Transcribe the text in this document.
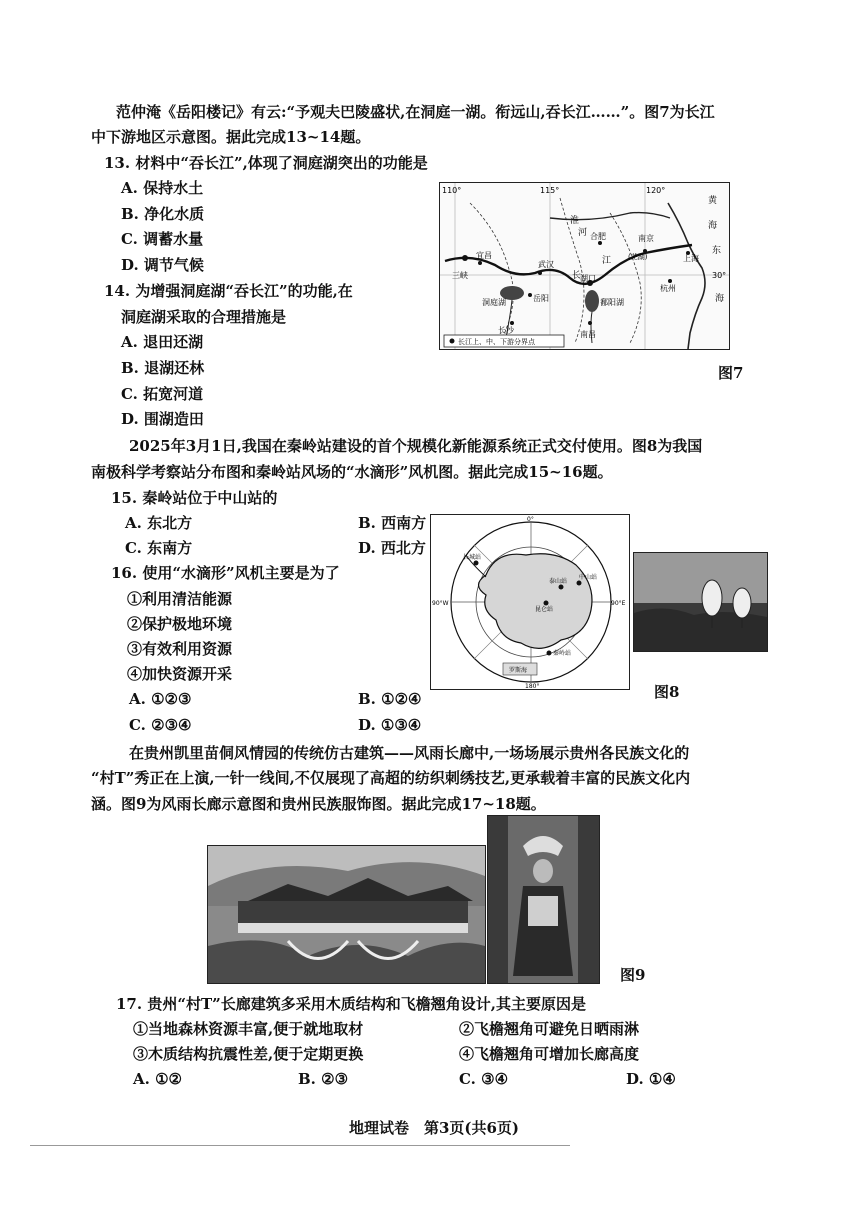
范仲淹《岳阳楼记》有云:“予观夫巴陵盛状,在洞庭一湖。衔远山,吞长江……”。图7为长江
中下游地区示意图。据此完成13~14题。
13. 材料中“吞长江”,体现了洞庭湖突出的功能是
A. 保持水土
B. 净化水质
C. 调蓄水量
D. 调节气候
14. 为增强洞庭湖“吞长江”的功能,在
洞庭湖采取的合理措施是
A. 退田还湖
B. 退湖还林
C. 拓宽河道
D. 围湖造田
110°	115°	120°
30°
宜昌
三峡
武汉
岳阳
洞庭湖
长沙
合肥	南京
上海
杭州
鄱阳湖
南昌
湖口
黄
海
东
海
淮
河
长
江 (芜湖)
长江上、中、下游分界点
图7
2025年3月1日,我国在秦岭站建设的首个规模化新能源系统正式交付使用。图8为我国
南极科学考察站分布图和秦岭站风场的“水滴形”风机图。据此完成15~16题。
15. 秦岭站位于中山站的
A. 东北方	B. 西南方
C. 东南方	D. 西北方
16. 使用“水滴形”风机主要是为了
①利用清洁能源
②保护极地环境
③有效利用资源
④加快资源开采
A. ①②③	B. ①②④
C. ②③④	D. ①③④
0°
90°W	90°E
180°
长城站
泰山站
中山站
昆仑站
秦岭站
罗斯海
图8
在贵州凯里苗侗风情园的传统仿古建筑——风雨长廊中,一场场展示贵州各民族文化的
“村T”秀正在上演,一针一线间,不仅展现了高超的纺织刺绣技艺,更承载着丰富的民族文化内
涵。图9为风雨长廊示意图和贵州民族服饰图。据此完成17~18题。
图9
17. 贵州“村T”长廊建筑多采用木质结构和飞檐翘角设计,其主要原因是
①当地森林资源丰富,便于就地取材	②飞檐翘角可避免日晒雨淋
③木质结构抗震性差,便于定期更换	④飞檐翘角可增加长廊高度
A. ①②	B. ②③	C. ③④	D. ①④
地理试卷　第3页(共6页)
